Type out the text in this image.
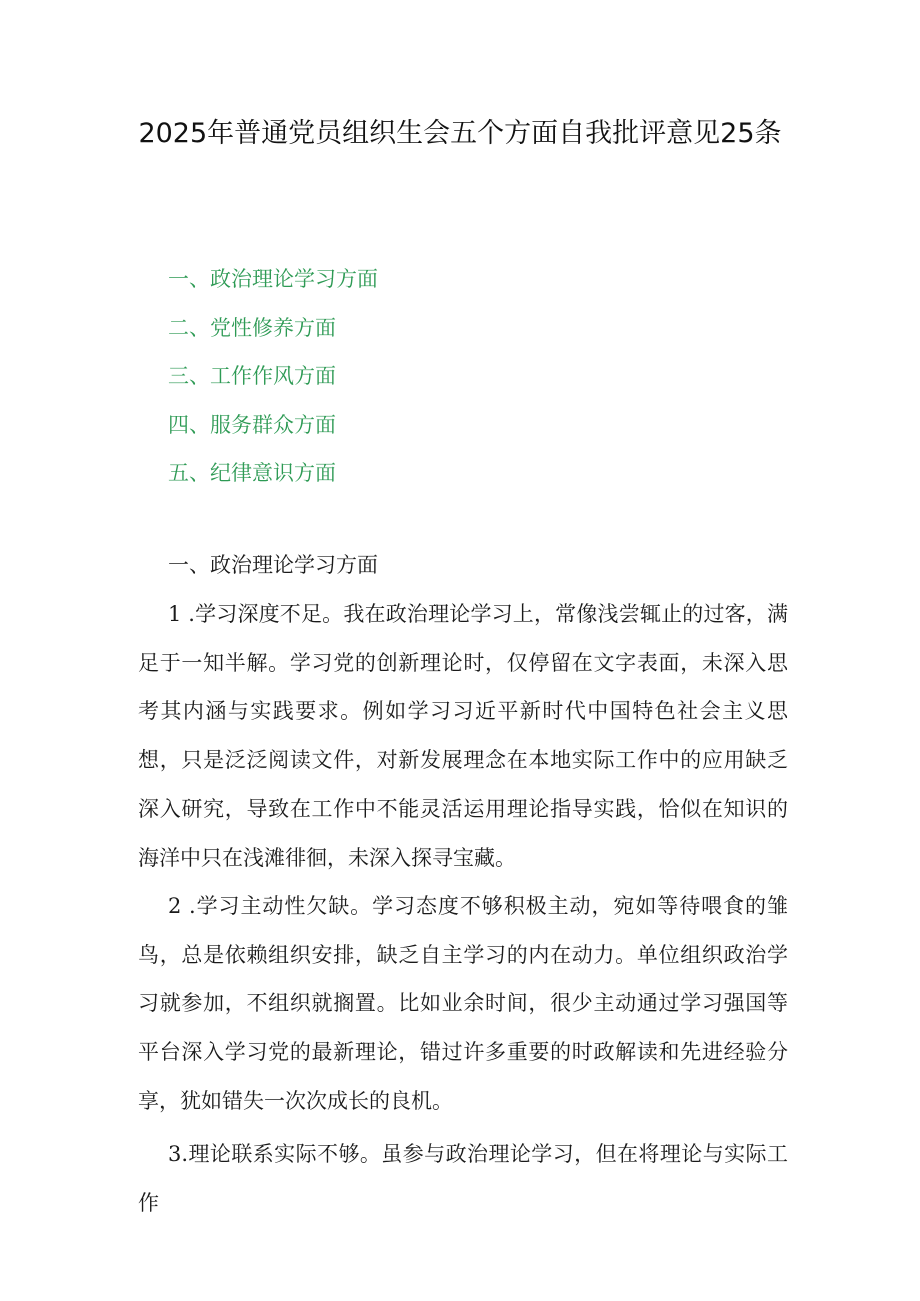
2025年普通党员组织生会五个方面自我批评意见25条
一、政治理论学习方面
二、党性修养方面
三、工作作风方面
四、服务群众方面
五、纪律意识方面
一、政治理论学习方面

1 .学习深度不足。我在政治理论学习上，常像浅尝辄止的过客，满足于一知半解。学习党的创新理论时，仅停留在文字表面，未深入思考其内涵与实践要求。例如学习习近平新时代中国特色社会主义思想，只是泛泛阅读文件，对新发展理念在本地实际工作中的应用缺乏深入研究，导致在工作中不能灵活运用理论指导实践，恰似在知识的海洋中只在浅滩徘徊，未深入探寻宝藏。

2 .学习主动性欠缺。学习态度不够积极主动，宛如等待喂食的雏鸟，总是依赖组织安排，缺乏自主学习的内在动力。单位组织政治学习就参加，不组织就搁置。比如业余时间，很少主动通过学习强国等平台深入学习党的最新理论，错过许多重要的时政解读和先进经验分享，犹如错失一次次成长的良机。

3.理论联系实际不够。虽参与政治理论学习，但在将理论与实际工作
